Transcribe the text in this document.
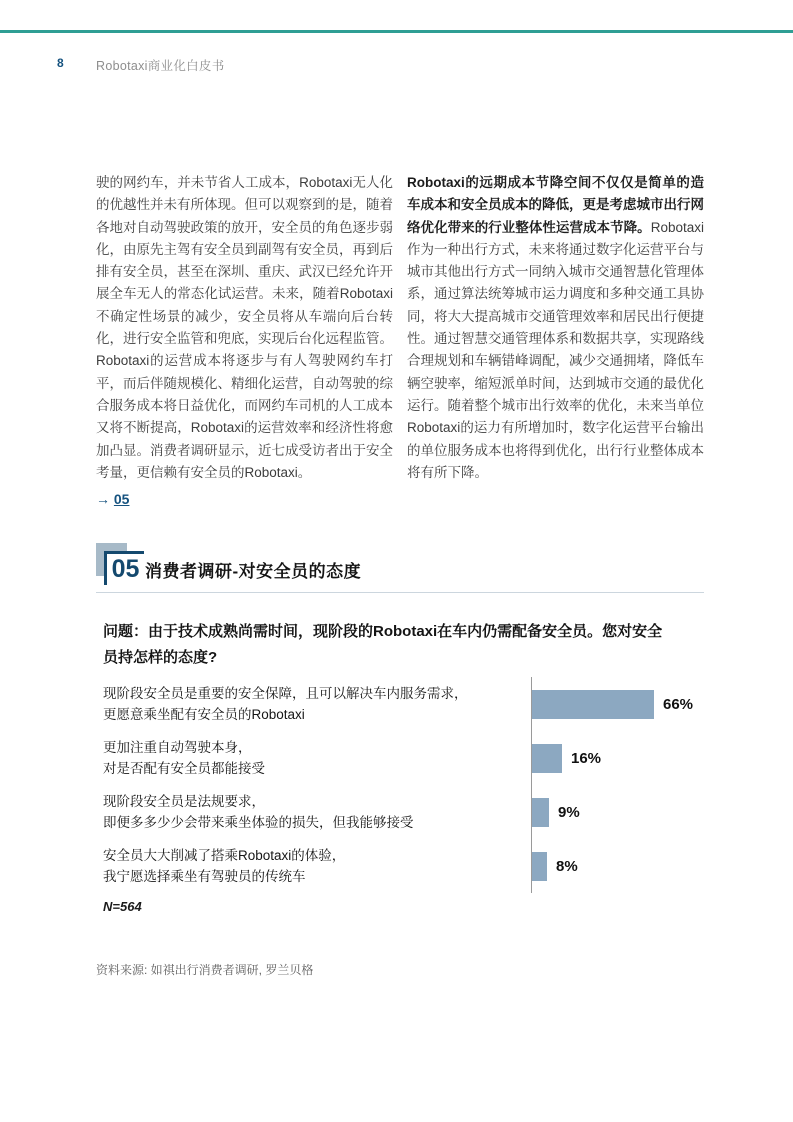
8	Robotaxi商业化白皮书
驶的网约车，并未节省人工成本，Robotaxi无人化的优越性并未有所体现。但可以观察到的是，随着各地对自动驾驶政策的放开，安全员的角色逐步弱化，由原先主驾有安全员到副驾有安全员，再到后排有安全员，甚至在深圳、重庆、武汉已经允许开展全车无人的常态化试运营。未来，随着Robotaxi不确定性场景的减少，安全员将从车端向后台转化，进行安全监管和兜底，实现后台化远程监管。Robotaxi的运营成本将逐步与有人驾驶网约车打平，而后伴随规模化、精细化运营，自动驾驶的综合服务成本将日益优化，而网约车司机的人工成本又将不断提高，Robotaxi的运营效率和经济性将愈加凸显。消费者调研显示，近七成受访者出于安全考量，更信赖有安全员的Robotaxi。
→ 05
Robotaxi的远期成本节降空间不仅仅是简单的造车成本和安全员成本的降低，更是考虑城市出行网络优化带来的行业整体性运营成本节降。Robotaxi作为一种出行方式，未来将通过数字化运营平台与城市其他出行方式一同纳入城市交通智慧化管理体系，通过算法统筹城市运力调度和多种交通工具协同，将大大提高城市交通管理效率和居民出行便捷性。通过智慧交通管理体系和数据共享，实现路线合理规划和车辆错峰调配，减少交通拥堵，降低车辆空驶率，缩短派单时间，达到城市交通的最优化运行。随着整个城市出行效率的优化，未来当单位Robotaxi的运力有所增加时，数字化运营平台输出的单位服务成本也将得到优化，出行行业整体成本将有所下降。
05 消费者调研-对安全员的态度
问题：由于技术成熟尚需时间，现阶段的Robotaxi在车内仍需配备安全员。您对安全员持怎样的态度?
现阶段安全员是重要的安全保障，且可以解决车内服务需求，
更愿意乘坐配有安全员的Robotaxi
66%
更加注重自动驾驶本身，
对是否配有安全员都能接受
16%
现阶段安全员是法规要求，
即便多多少少会带来乘坐体验的损失，但我能够接受
9%
安全员大大削减了搭乘Robotaxi的体验，
我宁愿选择乘坐有驾驶员的传统车
8%
N=564
资料来源: 如祺出行消费者调研, 罗兰贝格
